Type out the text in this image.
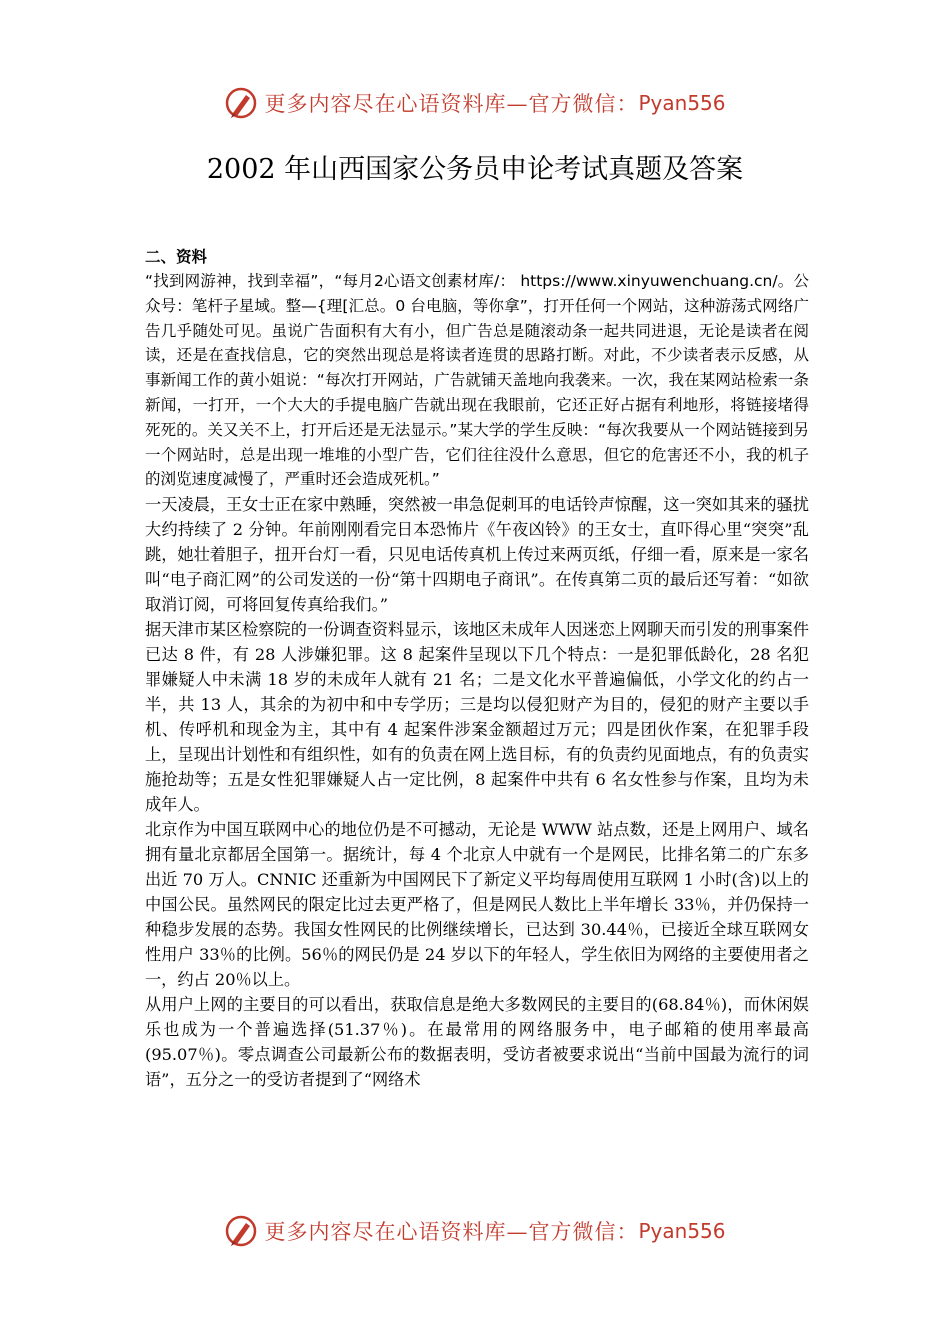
更多内容尽在心语资料库—官方微信： Pyan556
2002 年山西国家公务员申论考试真题及答案
二、资料

“找到网游神，找到幸福”，“每月2心语文创素材库/： https://www.xinyuwenchuang.cn/。公众号：笔杆子星域。整—{理[汇总。0 台电脑，等你拿”，打开任何一个网站，这种游荡式网络广告几乎随处可见。虽说广告面积有大有小，但广告总是随滚动条一起共同进退，无论是读者在阅读，还是在查找信息，它的突然出现总是将读者连贯的思路打断。对此，不少读者表示反感，从事新闻工作的黄小姐说：“每次打开网站，广告就铺天盖地向我袭来。一次，我在某网站检索一条新闻，一打开，一个大大的手提电脑广告就出现在我眼前，它还正好占据有利地形，将链接堵得死死的。关又关不上，打开后还是无法显示。”某大学的学生反映：“每次我要从一个网站链接到另一个网站时，总是出现一堆堆的小型广告，它们往往没什么意思，但它的危害还不小，我的机子的浏览速度减慢了，严重时还会造成死机。”

一天凌晨，王女士正在家中熟睡，突然被一串急促刺耳的电话铃声惊醒，这一突如其来的骚扰大约持续了 2 分钟。年前刚刚看完日本恐怖片《午夜凶铃》的王女士，直吓得心里“突突”乱跳，她壮着胆子，扭开台灯一看，只见电话传真机上传过来两页纸，仔细一看，原来是一家名叫“电子商汇网”的公司发送的一份“第十四期电子商讯”。在传真第二页的最后还写着：“如欲取消订阅，可将回复传真给我们。”

据天津市某区检察院的一份调查资料显示，该地区未成年人因迷恋上网聊天而引发的刑事案件已达 8 件，有 28 人涉嫌犯罪。这 8 起案件呈现以下几个特点：一是犯罪低龄化，28 名犯罪嫌疑人中未满 18 岁的未成年人就有 21 名；二是文化水平普遍偏低，小学文化的约占一半，共 13 人，其余的为初中和中专学历；三是均以侵犯财产为目的，侵犯的财产主要以手机、传呼机和现金为主，其中有 4 起案件涉案金额超过万元；四是团伙作案，在犯罪手段上，呈现出计划性和有组织性，如有的负责在网上选目标，有的负责约见面地点，有的负责实施抢劫等；五是女性犯罪嫌疑人占一定比例，8 起案件中共有 6 名女性参与作案，且均为未成年人。

北京作为中国互联网中心的地位仍是不可撼动，无论是 WWW 站点数，还是上网用户、域名拥有量北京都居全国第一。据统计，每 4 个北京人中就有一个是网民，比排名第二的广东多出近 70 万人。CNNIC 还重新为中国网民下了新定义平均每周使用互联网 1 小时(含)以上的中国公民。虽然网民的限定比过去更严格了，但是网民人数比上半年增长 33％，并仍保持一种稳步发展的态势。我国女性网民的比例继续增长，已达到 30.44％，已接近全球互联网女性用户 33％的比例。56％的网民仍是 24 岁以下的年轻人，学生依旧为网络的主要使用者之一，约占 20％以上。

从用户上网的主要目的可以看出，获取信息是绝大多数网民的主要目的(68.84％)，而休闲娱乐也成为一个普遍选择(51.37％)。在最常用的网络服务中，电子邮箱的使用率最高(95.07％)。零点调查公司最新公布的数据表明，受访者被要求说出“当前中国最为流行的词语”，五分之一的受访者提到了“网络术

更多内容尽在心语资料库—官方微信： Pyan556
